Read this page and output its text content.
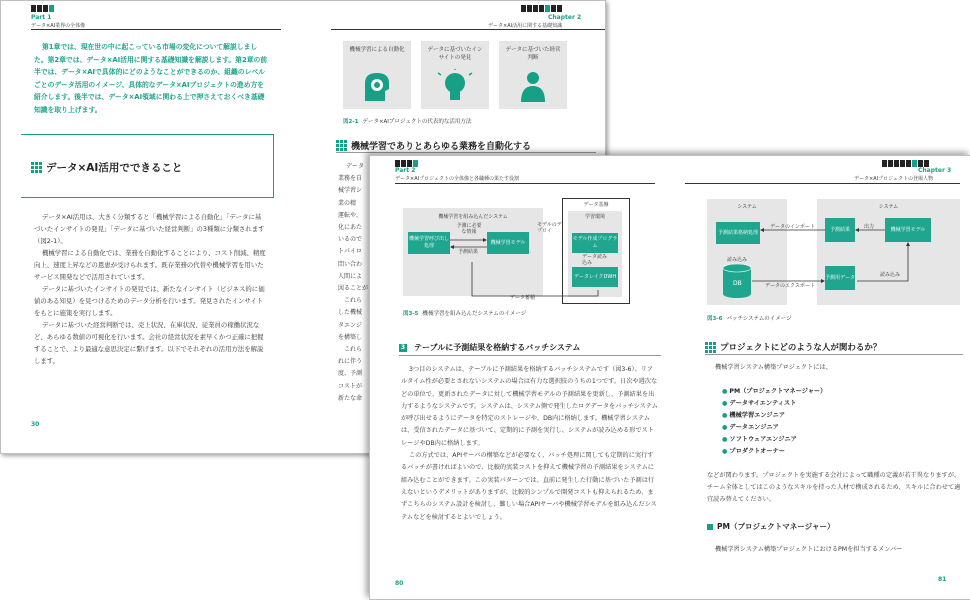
Part 1
データ×AI業界の全体像
Chapter 2
データ×AI活用に関する基礎知識
第1章では、現在世の中に起こっている市場の変化について解説しました。第2章では、データ×AI活用に関する基礎知識を解説します。第2章の前半では、データ×AIで具体的にどのようなことができるのか、組織のレベルごとのデータ活用のイメージ、具体的なデータ×AIプロジェクトの進め方を紹介します。後半では、データ×AI領域に関わる上で押さえておくべき基礎知識を取り上げます。
データ×AI活用でできること

データ×AI活用は、大きく分類すると「機械学習による自動化」「データに基づいたインサイトの発見」「データに基づいた経営判断」の3種類に分類されます（図2-1）。

機械学習による自動化では、業務を自動化することにより、コスト削減、精度向上、速度上昇などの恩恵が受けられます。既存業務の代替や機械学習を用いたサービス開発などで活用されています。

データに基づいたインサイトの発見では、新たなインサイト（ビジネス的に価値のある知見）を見つけるためのデータ分析を行います。発見されたインサイトをもとに施策を実行します。

データに基づいた経営判断では、売上状況、在庫状況、従業員の稼働状況など、あらゆる数値の可視化を行います。会社の経営状況を素早くかつ正確に把握することで、より最適な意思決定に繋げます。以下でそれぞれの活用方法を解説します。

30
機械学習による自動化	データに基づいたインサイトの発見
データに基づいた経営判断
図2-1 データ×AIプロジェクトの代表的な活用方法
機械学習でありとあらゆる業務を自動化する
データ
業務を自
械学習シ
業の精
運転や、
化にあた
いるので
トパイロ
問い合わ
人間によ
図ることが
これら
した機械
タエンジ
を構築し
これら
れに伴う
度、予測
コストが
新たな命
Part 2
データ×AIプロジェクトの全体像と各職種の果たす役割
Chapter 3
データ×AIプロジェクトの登場人物
機械学習を組み込んだシステム
機械学習呼び出し処理
機械学習モデル
予測に必要な情報
予測結果
データ基盤
学習環境
モデル作成プログラム
データレイクDWH
モデルのデプロイ
データ読み込み
データ蓄積
図3-5 機械学習を組み込んだシステムのイメージ
3 テーブルに予測結果を格納するバッチシステム

3つ目のシステムは、テーブルに予測結果を格納するバッチシステムです（図3-6）。リアルタイム性が必要とされないシステムの場合は有力な選択肢のうちの1つです。日次や週次などの単位で、更新されたデータに対して機械学習モデルの予測結果を更新し、予測結果を出力するようなシステムです。システムは、システム側で発生したログデータをバッチシステムが呼び出せるようにデータを特定のストレージや、DB内に格納します。機械学習システムは、受信されたデータに基づいて、定期的に予測を実行し、システムが読み込める形でストレージやDB内に格納します。

この方式では、APIサーバの構築などが必要なく、バッチ処理に関しても定期的に実行するバッチが書ければよいので、比較的実装コストを抑えて機械学習の予測結果をシステムに組み込むことができます。この実装パターンでは、直前に発生した行動に基づいた予測は行えないというデメリットがありますが、比較的シンプルで開発コストも抑えられるため、まずこちらのシステム設計を検討し、難しい場合APIサーバや機械学習モデルを組み込んだシステムなどを検討するとよいでしょう。

80
システム
予測結果格納処理
読み込み
DB
システム
予測結果	機械学習モデル
予測用データ
出力
読み込み
データのインポート
データのエクスポート
図3-6 バッチシステムのイメージ
プロジェクトにどのような人が関わるか？
機械学習システム構築プロジェクトには、
● PM（プロジェクトマネージャー）
● データサイエンティスト
● 機械学習エンジニア
● データエンジニア
● ソフトウェアエンジニア
● プロダクトオーナー
などが関わります。プロジェクトを実施する会社によって職種の定義が若干異なりますが、チーム全体としてはこのようなスキルを持った人材で構成されるため、スキルに合わせて適宜読み替えてください。
PM（プロジェクトマネージャー）
機械学習システム構築プロジェクトにおけるPMを担当するメンバー
81
